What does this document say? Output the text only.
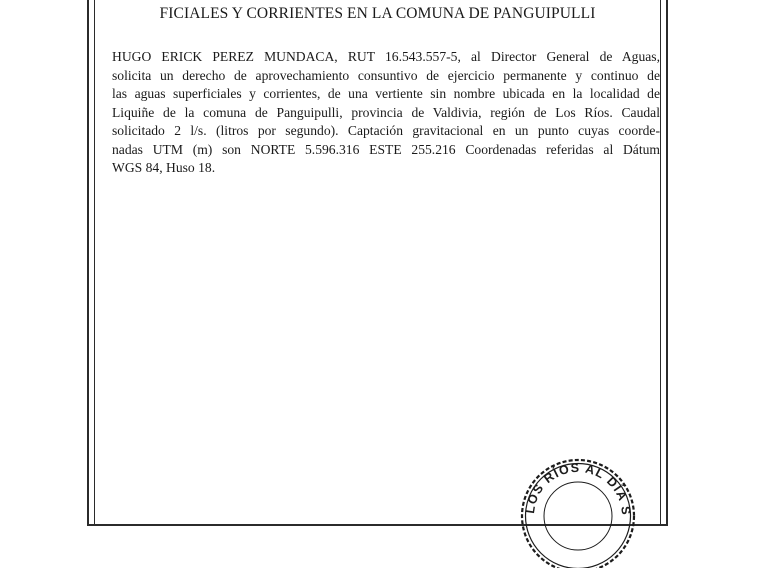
FICIALES Y CORRIENTES EN LA COMUNA DE PANGUIPULLI
HUGO ERICK PEREZ MUNDACA, RUT 16.543.557-5, al Director General de Aguas,
solicita un derecho de aprovechamiento consuntivo de ejercicio permanente y continuo de
las aguas superficiales y corrientes, de una vertiente sin nombre ubicada en la localidad de
Liquiñe de la comuna de Panguipulli, provincia de Valdivia, región de Los Ríos. Caudal
solicitado 2 l/s. (litros por segundo). Captación gravitacional en un punto cuyas coorde-
nadas UTM (m) son NORTE 5.596.316 ESTE 255.216 Coordenadas referidas al Dátum
WGS 84, Huso 18.
LOS RÍOS AL DÍA S
